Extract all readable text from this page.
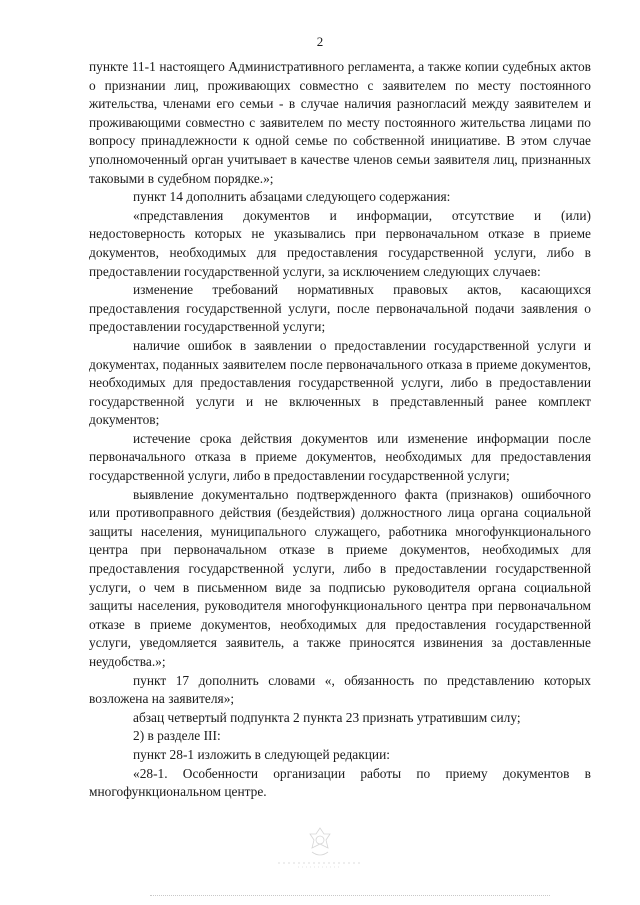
2

пункте 11-1 настоящего Административного регламента, а также копии судебных актов о признании лиц, проживающих совместно с заявителем по месту постоянного жительства, членами его семьи - в случае наличия разногласий между заявителем и проживающими совместно с заявителем по месту постоянного жительства лицами по вопросу принадлежности к одной семье по собственной инициативе. В этом случае уполномоченный орган учитывает в качестве членов семьи заявителя лиц, признанных таковыми в судебном порядке.»;

пункт 14 дополнить абзацами следующего содержания:

«представления документов и информации, отсутствие и (или) недостоверность которых не указывались при первоначальном отказе в приеме документов, необходимых для предоставления государственной услуги, либо в предоставлении государственной услуги, за исключением следующих случаев:

изменение требований нормативных правовых актов, касающихся предоставления государственной услуги, после первоначальной подачи заявления о предоставлении государственной услуги;

наличие ошибок в заявлении о предоставлении государственной услуги и документах, поданных заявителем после первоначального отказа в приеме документов, необходимых для предоставления государственной услуги, либо в предоставлении государственной услуги и не включенных в представленный ранее комплект документов;

истечение срока действия документов или изменение информации после первоначального отказа в приеме документов, необходимых для предоставления государственной услуги, либо в предоставлении государственной услуги;

выявление документально подтвержденного факта (признаков) ошибочного или противоправного действия (бездействия) должностного лица органа социальной защиты населения, муниципального служащего, работника многофункционального центра при первоначальном отказе в приеме документов, необходимых для предоставления государственной услуги, либо в предоставлении государственной услуги, о чем в письменном виде за подписью руководителя органа социальной защиты населения, руководителя многофункционального центра при первоначальном отказе в приеме документов, необходимых для предоставления государственной услуги, уведомляется заявитель, а также приносятся извинения за доставленные неудобства.»;

пункт 17 дополнить словами «, обязанность по представлению которых возложена на заявителя»;

абзац четвертый подпункта 2 пункта 23 признать утратившим силу;

2) в разделе III:

пункт 28-1 изложить в следующей редакции:

«28-1. Особенности организации работы по приему документов в многофункциональном центре.
